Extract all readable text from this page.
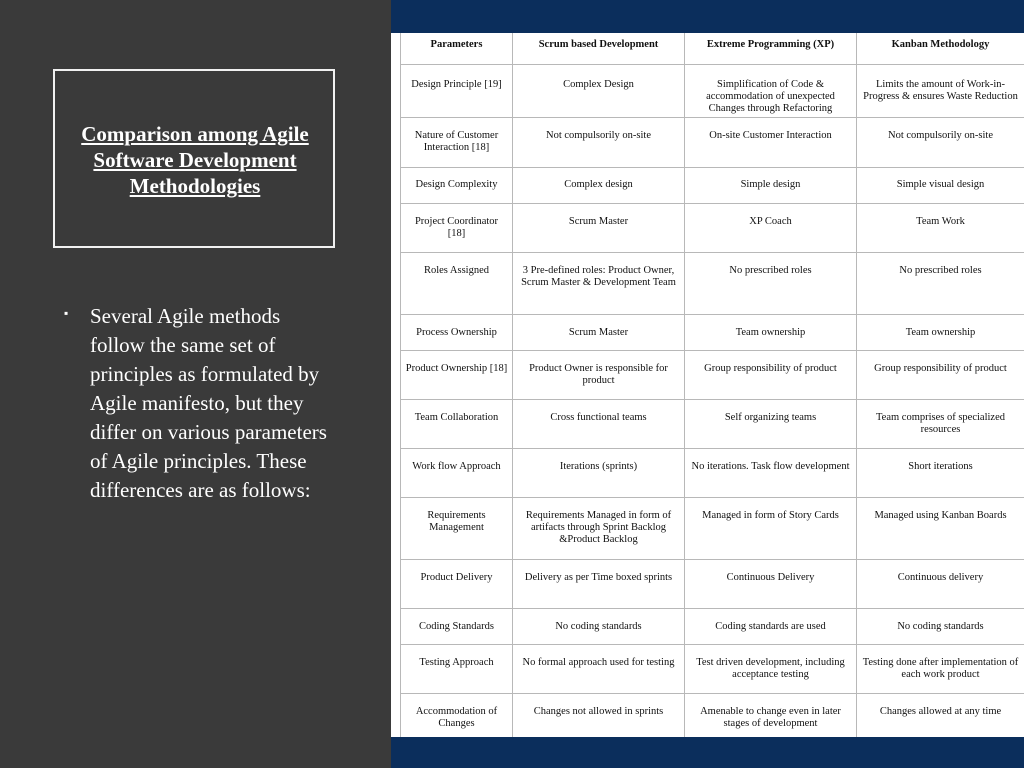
Comparison among Agile Software Development Methodologies
▪ Several Agile methods follow the same set of principles as formulated by Agile manifesto, but they differ on various parameters of Agile principles. These differences are as follows:
Parameters	Scrum based Development	Extreme Programming (XP)	Kanban Methodology
Design Principle [19]	Complex Design	Simplification of Code & accommodation of unexpected Changes through Refactoring	Limits the amount of Work-in-Progress & ensures Waste Reduction
Nature of Customer Interaction [18]	Not compulsorily on-site	On-site Customer Interaction	Not compulsorily on-site
Design Complexity	Complex design	Simple design	Simple visual design
Project Coordinator [18]	Scrum Master	XP Coach	Team Work
Roles Assigned	3 Pre-defined roles: Product Owner, Scrum Master & Development Team	No prescribed roles	No prescribed roles
Process Ownership	Scrum Master	Team ownership	Team ownership
Product Ownership [18]	Product Owner is responsible for product	Group responsibility of product	Group responsibility of product
Team Collaboration	Cross functional teams	Self organizing teams	Team comprises of specialized resources
Work flow Approach	Iterations (sprints)	No iterations. Task flow development	Short iterations
Requirements Management	Requirements Managed in form of artifacts through Sprint Backlog &Product Backlog	Managed in form of Story Cards	Managed using Kanban Boards
Product Delivery	Delivery as per Time boxed sprints	Continuous Delivery	Continuous delivery
Coding Standards	No coding standards	Coding standards are used	No coding standards
Testing Approach	No formal approach used for testing	Test driven development, including acceptance testing	Testing done after implementation of each work product
Accommodation of Changes	Changes not allowed in sprints	Amenable to change even in later stages of development	Changes allowed at any time
